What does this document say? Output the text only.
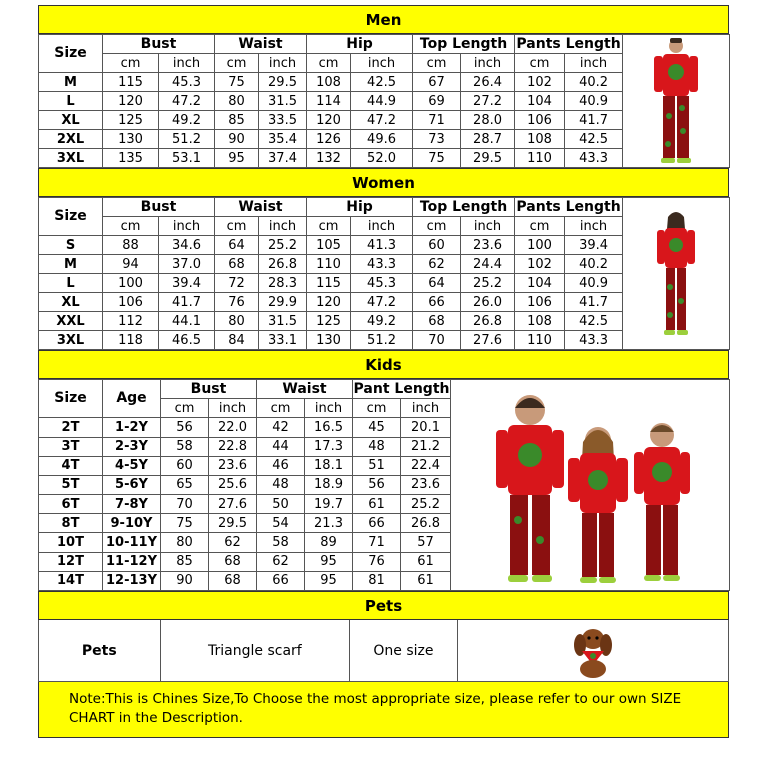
Men
Size	Bust		Waist		Hip		Top Length		Pants Length	

	cm	inch	cm	inch	cm	inch	cm	inch	cm	inch	
M	115	45.3	75	29.5	108	42.5	67	26.4	102	40.2	
L	120	47.2	80	31.5	114	44.9	69	27.2	104	40.9	
XL	125	49.2	85	33.5	120	47.2	71	28.0	106	41.7	
2XL	130	51.2	90	35.4	126	49.6	73	28.7	108	42.5	
3XL	135	53.1	95	37.4	132	52.0	75	29.5	110	43.3	
Women
Size	Bust		Waist		Hip		Top Length		Pants Length	

	cm	inch	cm	inch	cm	inch	cm	inch	cm	inch	
S	88	34.6	64	25.2	105	41.3	60	23.6	100	39.4	
M	94	37.0	68	26.8	110	43.3	62	24.4	102	40.2	
L	100	39.4	72	28.3	115	45.3	64	25.2	104	40.9	
XL	106	41.7	76	29.9	120	47.2	66	26.0	106	41.7	
XXL	112	44.1	80	31.5	125	49.2	68	26.8	108	42.5	
3XL	118	46.5	84	33.1	130	51.2	70	27.6	110	43.3	
Kids
Size	Age	Bust		Waist		Pant Length	

		cm	inch	cm	inch	cm	inch	
2T	1-2Y	56	22.0	42	16.5	45	20.1	
3T	2-3Y	58	22.8	44	17.3	48	21.2	
4T	4-5Y	60	23.6	46	18.1	51	22.4	
5T	5-6Y	65	25.6	48	18.9	56	23.6	
6T	7-8Y	70	27.6	50	19.7	61	25.2	
8T	9-10Y	75	29.5	54	21.3	66	26.8	
10T	10-11Y	80	62	58	89	71	57	
12T	11-12Y	85	68	62	95	76	61	
14T	12-13Y	90	68	66	95	81	61	
Pets
Pets	Triangle scarf	One size
Note:This is Chines Size,To Choose the most appropriate size, please refer to our own SIZE CHART in the Description.
